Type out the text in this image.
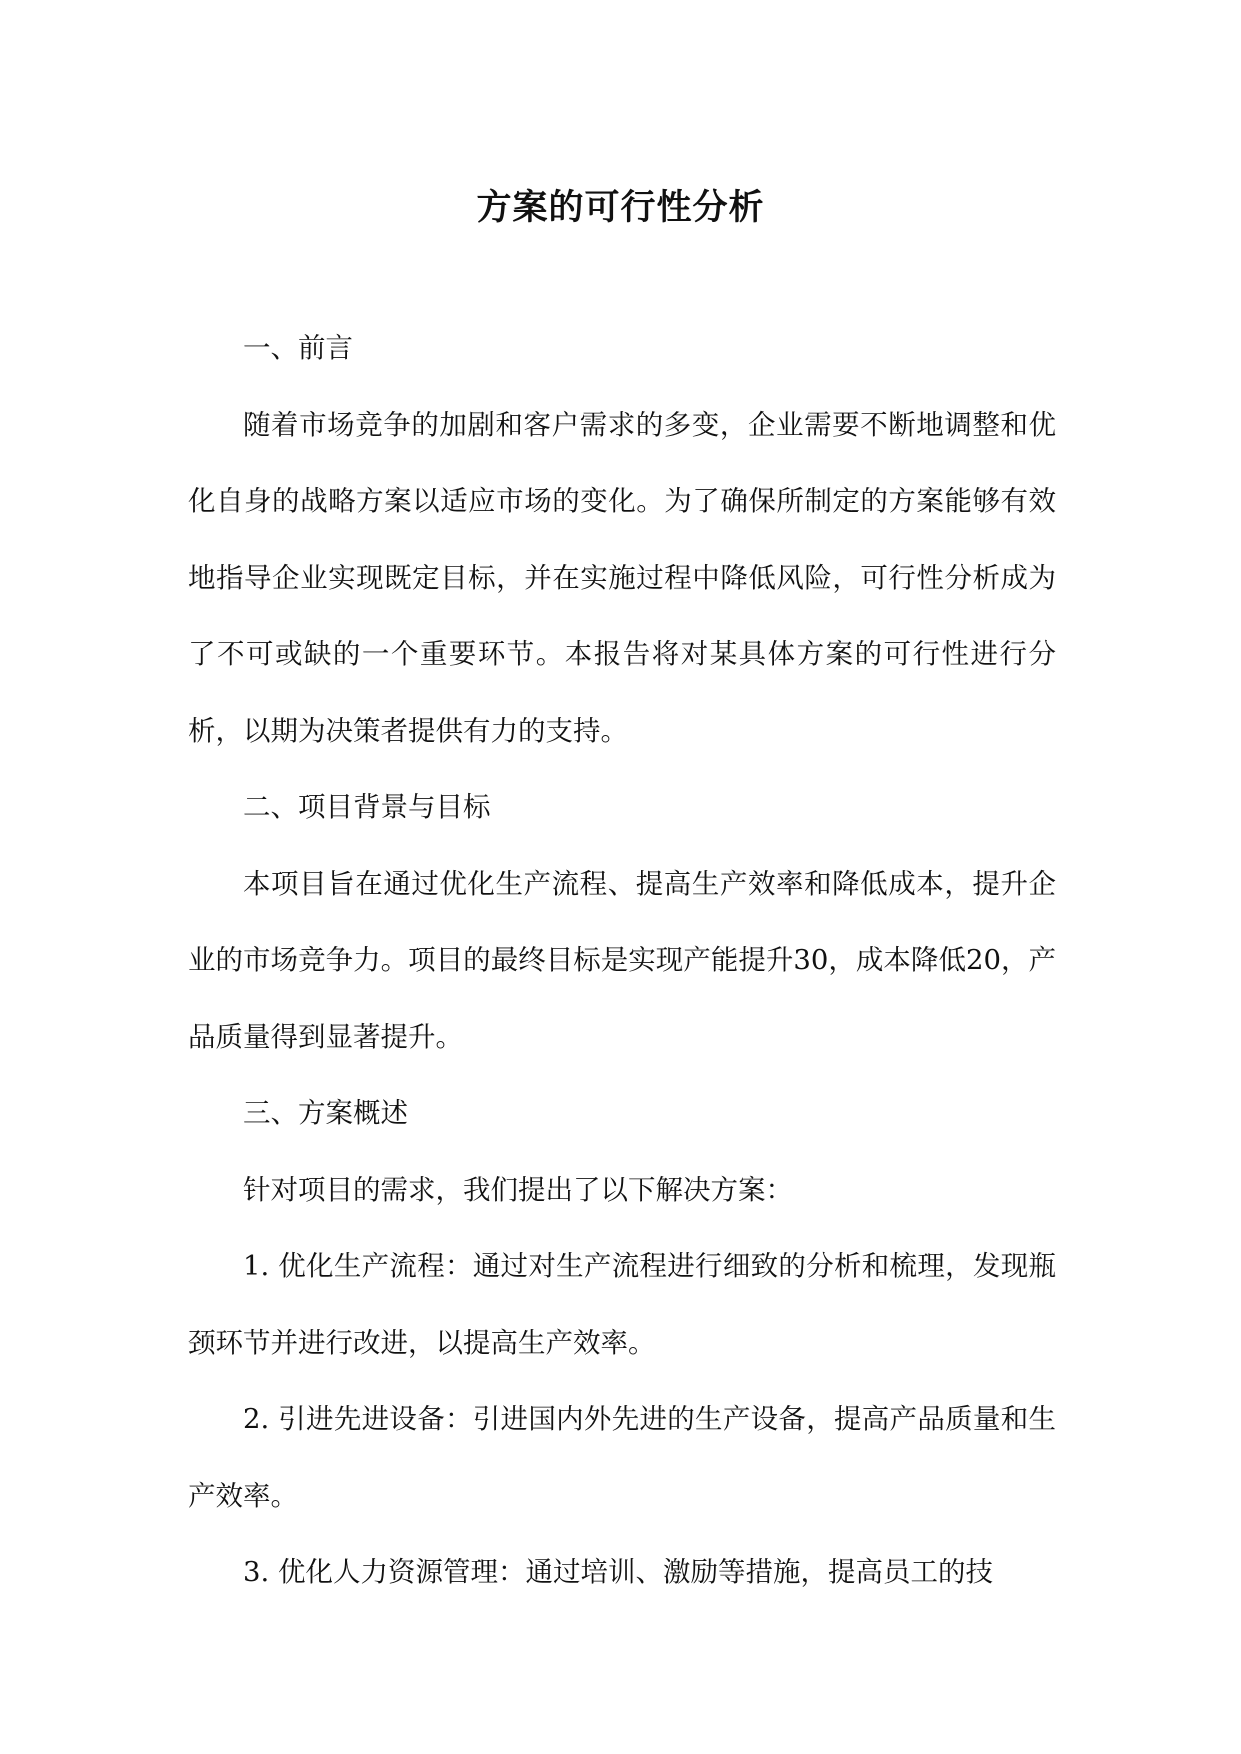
方案的可行性分析

一、前言

随着市场竞争的加剧和客户需求的多变，企业需要不断地调整和优化自身的战略方案以适应市场的变化。为了确保所制定的方案能够有效地指导企业实现既定目标，并在实施过程中降低风险，可行性分析成为了不可或缺的一个重要环节。本报告将对某具体方案的可行性进行分析，以期为决策者提供有力的支持。

二、项目背景与目标

本项目旨在通过优化生产流程、提高生产效率和降低成本，提升企业的市场竞争力。项目的最终目标是实现产能提升30，成本降低20，产品质量得到显著提升。

三、方案概述

针对项目的需求，我们提出了以下解决方案：

1. 优化生产流程：通过对生产流程进行细致的分析和梳理，发现瓶颈环节并进行改进，以提高生产效率。

2. 引进先进设备：引进国内外先进的生产设备，提高产品质量和生产效率。

3. 优化人力资源管理：通过培训、激励等措施，提高员工的技
